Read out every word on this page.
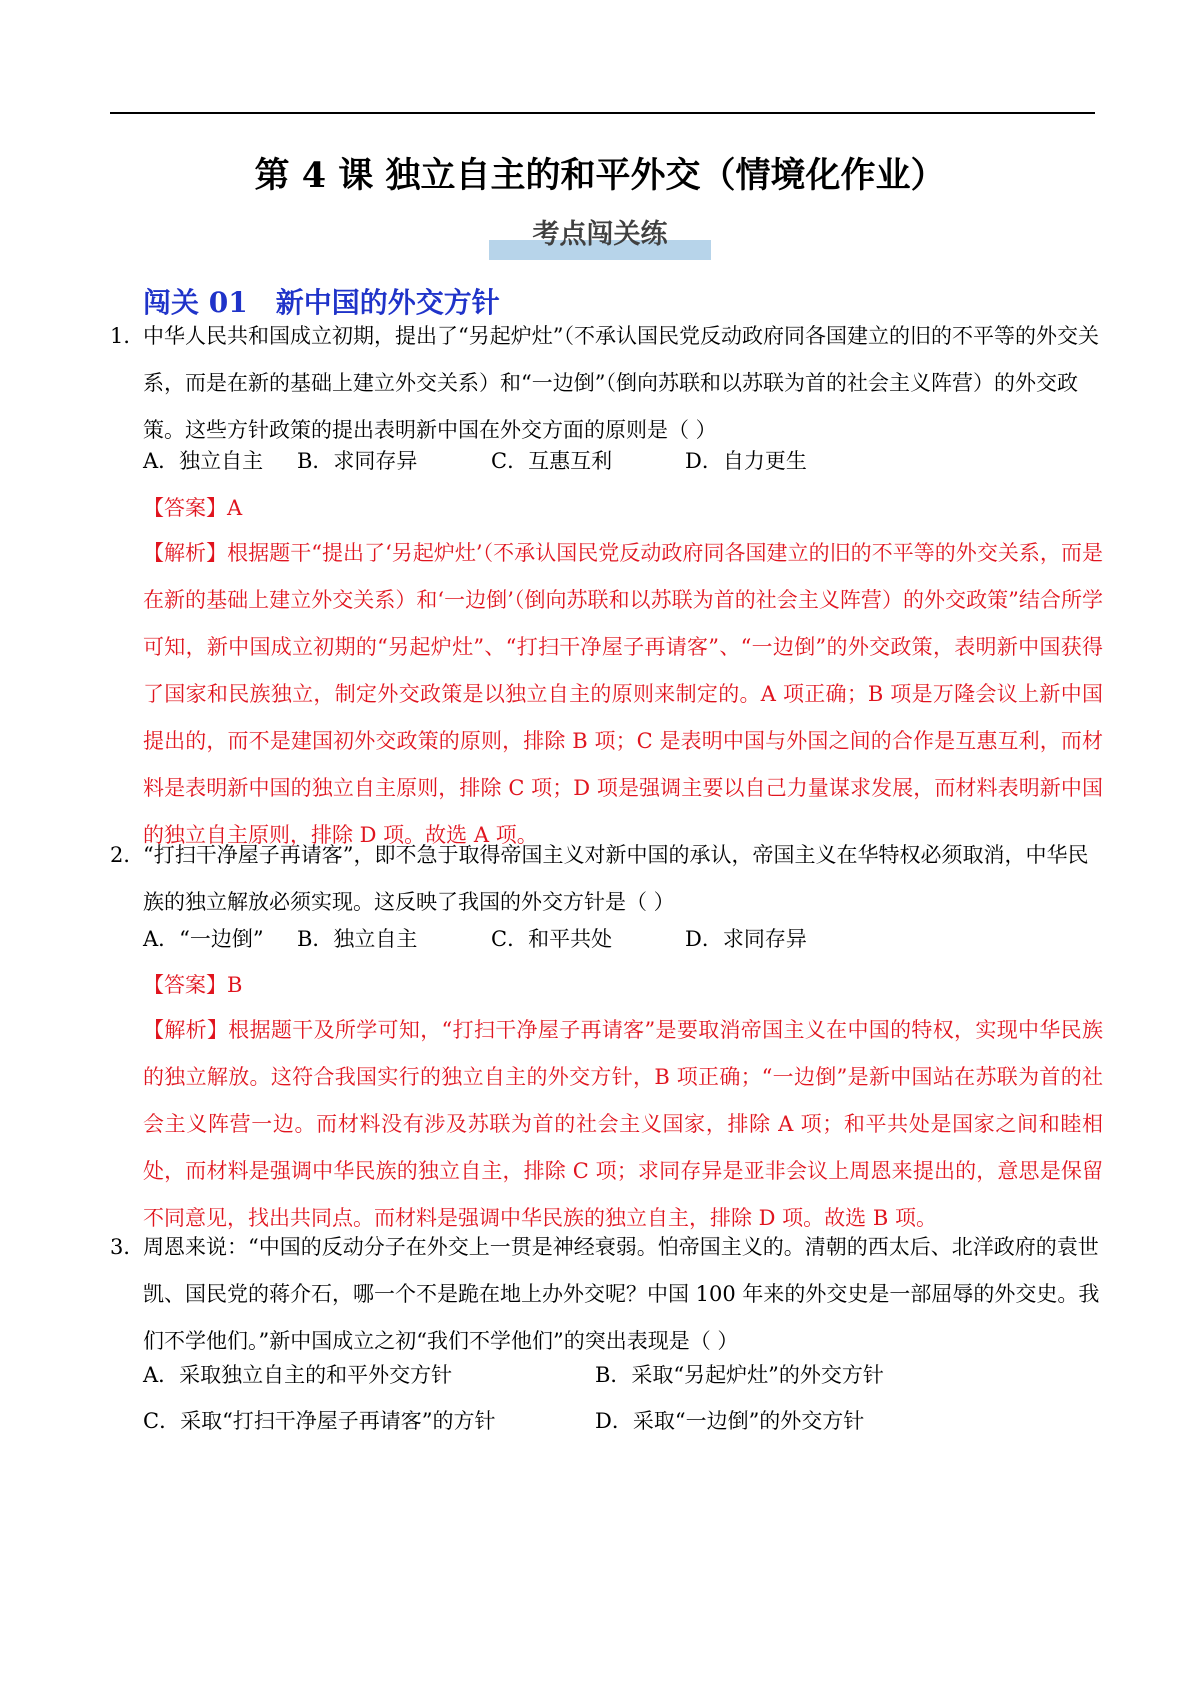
第 4 课 独立自主的和平外交（情境化作业）
考点闯关练
闯关 01 新中国的外交方针
1．
中华人民共和国成立初期，提出了“另起炉灶”（不承认国民党反动政府同各国建立的旧的不平等的外交关系，而是在新的基础上建立外交关系）和“一边倒”（倒向苏联和以苏联为首的社会主义阵营）的外交政策。这些方针政策的提出表明新中国在外交方面的原则是（ ）
A．独立自主 B．求同存异	C．互惠互利	D．自力更生
【答案】A
【解析】根据题干“提出了‘另起炉灶’（不承认国民党反动政府同各国建立的旧的不平等的外交关系，而是在新的基础上建立外交关系）和‘一边倒’（倒向苏联和以苏联为首的社会主义阵营）的外交政策”结合所学可知，新中国成立初期的“另起炉灶”、“打扫干净屋子再请客”、“一边倒”的外交政策，表明新中国获得了国家和民族独立，制定外交政策是以独立自主的原则来制定的。A 项正确；B 项是万隆会议上新中国提出的，而不是建国初外交政策的原则，排除 B 项；C 是表明中国与外国之间的合作是互惠互利，而材料是表明新中国的独立自主原则，排除 C 项；D 项是强调主要以自己力量谋求发展，而材料表明新中国的独立自主原则，排除 D 项。故选 A 项。
2．
“打扫干净屋子再请客”，即不急于取得帝国主义对新中国的承认，帝国主义在华特权必须取消，中华民族的独立解放必须实现。这反映了我国的外交方针是（ ）
A．“一边倒” B．独立自主	C．和平共处	D．求同存异
【答案】B
【解析】根据题干及所学可知，“打扫干净屋子再请客”是要取消帝国主义在中国的特权，实现中华民族的独立解放。这符合我国实行的独立自主的外交方针，B 项正确；“一边倒”是新中国站在苏联为首的社会主义阵营一边。而材料没有涉及苏联为首的社会主义国家，排除 A 项；和平共处是国家之间和睦相处，而材料是强调中华民族的独立自主，排除 C 项；求同存异是亚非会议上周恩来提出的，意思是保留不同意见，找出共同点。而材料是强调中华民族的独立自主，排除 D 项。故选 B 项。
3．
周恩来说：“中国的反动分子在外交上一贯是神经衰弱。怕帝国主义的。清朝的西太后、北洋政府的袁世凯、国民党的蒋介石，哪一个不是跪在地上办外交呢？中国 100 年来的外交史是一部屈辱的外交史。我们不学他们。”新中国成立之初“我们不学他们”的突出表现是（ ）
A．采取独立自主的和平外交方针	B．采取“另起炉灶”的外交方针
C．采取“打扫干净屋子再请客”的方针	D．采取“一边倒”的外交方针
